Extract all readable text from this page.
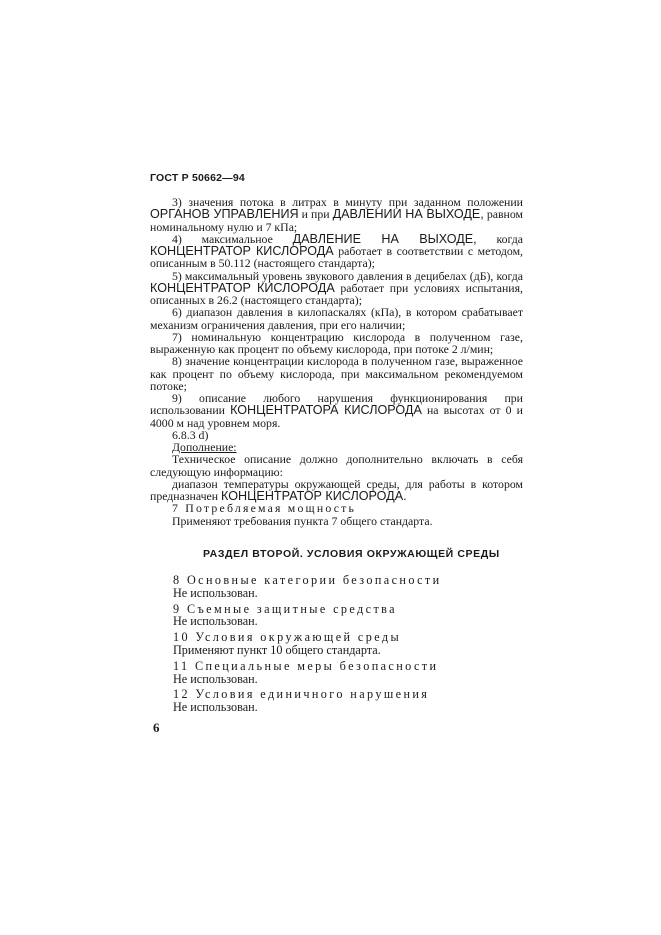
ГОСТ Р 50662—94

3) значения потока в литрах в минуту при заданном положении ОРГАНОВ УПРАВЛЕНИЯ и при ДАВЛЕНИИ НА ВЫХОДЕ, равном номинальному нулю и 7 кПа;

4) максимальное ДАВЛЕНИЕ НА ВЫХОДЕ, когда КОНЦЕНТРАТОР КИСЛОРОДА работает в соответствии с методом, описанным в 50.112 (настоящего стандарта);

5) максимальный уровень звукового давления в децибелах (дБ), когда КОНЦЕНТРАТОР КИСЛОРОДА работает при условиях испытания, описанных в 26.2 (настоящего стандарта);

6) диапазон давления в килопаскалях (кПа), в котором срабатывает механизм ограничения давления, при его наличии;

7) номинальную концентрацию кислорода в полученном газе, выраженную как процент по объему кислорода, при потоке 2 л/мин;

8) значение концентрации кислорода в полученном газе, выраженное как процент по объему кислорода, при максимальном рекомендуемом потоке;

9) описание любого нарушения функционирования при использовании КОНЦЕНТРАТОРА КИСЛОРОДА на высотах от 0 и 4000 м над уровнем моря.

6.8.3 d)

Дополнение:

Техническое описание должно дополнительно включать в себя следующую информацию:

диапазон температуры окружающей среды, для работы в котором предназначен КОНЦЕНТРАТОР КИСЛОРОДА.

7 Потребляемая мощность

Применяют требования пункта 7 общего стандарта.

РАЗДЕЛ ВТОРОЙ. УСЛОВИЯ ОКРУЖАЮЩЕЙ СРЕДЫ
8 Основные категории безопасности
Не использован.
9 Съемные защитные средства
Не использован.
10 Условия окружающей среды
Применяют пункт 10 общего стандарта.
11 Специальные меры безопасности
Не использован.
12 Условия единичного нарушения
Не использован.
6
